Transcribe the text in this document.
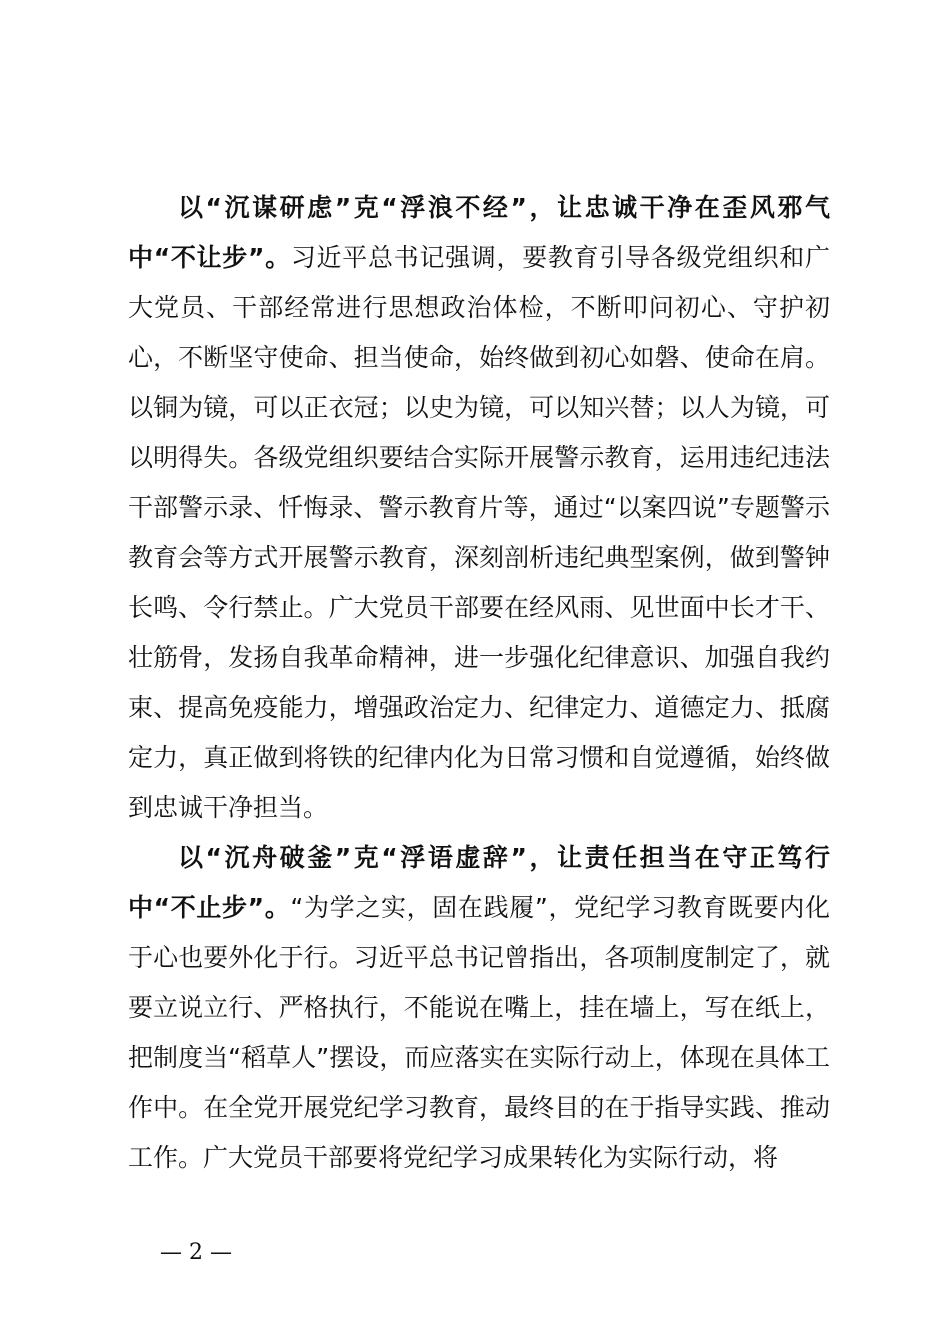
以“沉谋研虑”克“浮浪不经”，让忠诚干净在歪风邪气中“不让步”。习近平总书记强调，要教育引导各级党组织和广大党员、干部经常进行思想政治体检，不断叩问初心、守护初心，不断坚守使命、担当使命，始终做到初心如磐、使命在肩。以铜为镜，可以正衣冠；以史为镜，可以知兴替；以人为镜，可以明得失。各级党组织要结合实际开展警示教育，运用违纪违法干部警示录、忏悔录、警示教育片等，通过“以案四说”专题警示教育会等方式开展警示教育，深刻剖析违纪典型案例，做到警钟长鸣、令行禁止。广大党员干部要在经风雨、见世面中长才干、壮筋骨，发扬自我革命精神，进一步强化纪律意识、加强自我约束、提高免疫能力，增强政治定力、纪律定力、道德定力、抵腐定力，真正做到将铁的纪律内化为日常习惯和自觉遵循，始终做到忠诚干净担当。

以“沉舟破釜”克“浮语虚辞”，让责任担当在守正笃行中“不止步”。“为学之实，固在践履”，党纪学习教育既要内化于心也要外化于行。习近平总书记曾指出，各项制度制定了，就要立说立行、严格执行，不能说在嘴上，挂在墙上，写在纸上，把制度当“稻草人”摆设，而应落实在实际行动上，体现在具体工作中。在全党开展党纪学习教育，最终目的在于指导实践、推动工作。广大党员干部要将党纪学习成果转化为实际行动，将

— 2 —
